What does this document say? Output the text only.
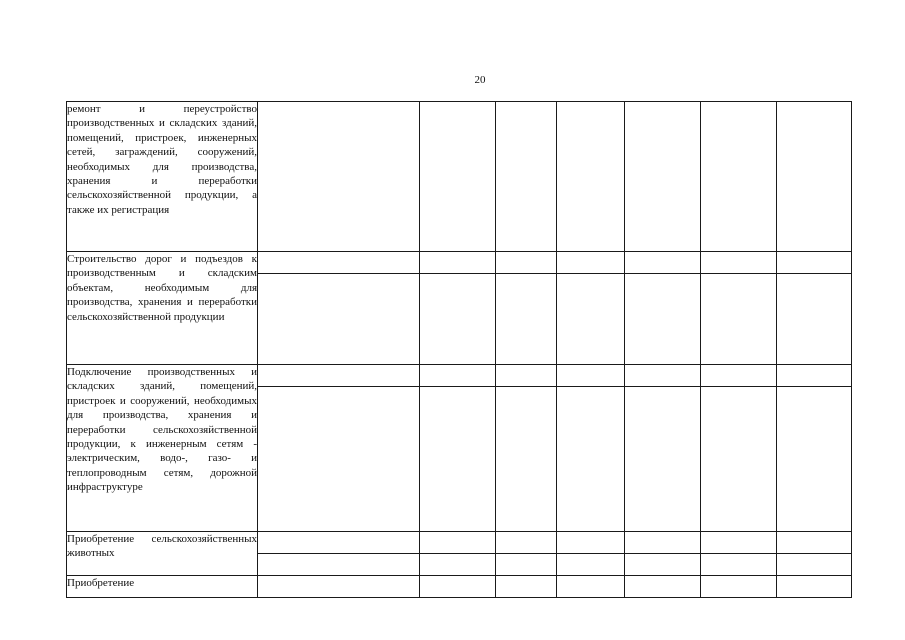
20
ремонт и переустройство производственных и складских зданий, помещений, пристроек, инженерных сетей, заграждений, сооружений, необходимых для производства, хранения и переработки сельскохозяйственной продукции, а также их регистрация							
Строительство дорог и подъездов к производственным и складским объектам, необходимым для производства, хранения и переработки сельскохозяйственной продукции							

Подключение производственных и складских зданий, помещений, пристроек и сооружений, необходимых для производства, хранения и переработки сельскохозяйственной продукции, к инженерным сетям - электрическим, водо-, газо- и теплопроводным сетям, дорожной инфраструктуре							

Приобретение сельскохозяйственных животных							

Приобретение							
